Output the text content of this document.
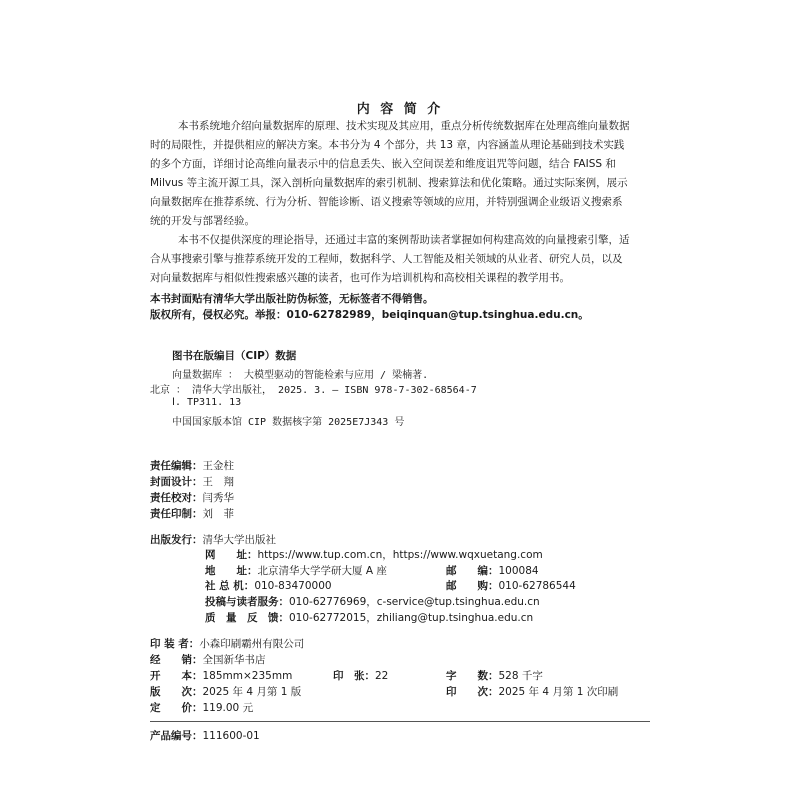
内 容 简 介
本书系统地介绍向量数据库的原理、技术实现及其应用，重点分析传统数据库在处理高维向量数据
时的局限性，并提供相应的解决方案。本书分为 4 个部分，共 13 章，内容涵盖从理论基础到技术实践
的多个方面，详细讨论高维向量表示中的信息丢失、嵌入空间误差和维度诅咒等问题，结合 FAISS 和
Milvus 等主流开源工具，深入剖析向量数据库的索引机制、搜索算法和优化策略。通过实际案例，展示
向量数据库在推荐系统、行为分析、智能诊断、语义搜索等领域的应用，并特别强调企业级语义搜索系
统的开发与部署经验。
本书不仅提供深度的理论指导，还通过丰富的案例帮助读者掌握如何构建高效的向量搜索引擎，适
合从事搜索引擎与推荐系统开发的工程师，数据科学、人工智能及相关领域的从业者、研究人员，以及
对向量数据库与相似性搜索感兴趣的读者，也可作为培训机构和高校相关课程的教学用书。
本书封面贴有清华大学出版社防伪标签，无标签者不得销售。
版权所有，侵权必究。举报：010-62782989，beiqinquan@tup.tsinghua.edu.cn。
图书在版编目（CIP）数据
向量数据库 ： 大模型驱动的智能检索与应用 / 梁楠著.
北京 ： 清华大学出版社， 2025. 3. — ISBN 978-7-302-68564-7
Ⅰ. TP311. 13
中国国家版本馆 CIP 数据核字第 2025E7J343 号
责任编辑：王金柱
封面设计：王　翔
责任校对：闫秀华
责任印制：刘　菲
出版发行：清华大学出版社
网　　址：https://www.tup.com.cn，https://www.wqxuetang.com
地　　址：北京清华大学学研大厦 A 座	邮　　编：100084
社 总 机：010-83470000	邮　　购：010-62786544
投稿与读者服务：010-62776969，c-service@tup.tsinghua.edu.cn
质　量　反　馈：010-62772015，zhiliang@tup.tsinghua.edu.cn
印 装 者：小森印刷霸州有限公司
经　　销：全国新华书店
开　　本：185mm×235mm	印　张：22	字　　数：528 千字
版　　次：2025 年 4 月第 1 版	印　　次：2025 年 4 月第 1 次印刷
定　　价：119.00 元
产品编号：111600-01
